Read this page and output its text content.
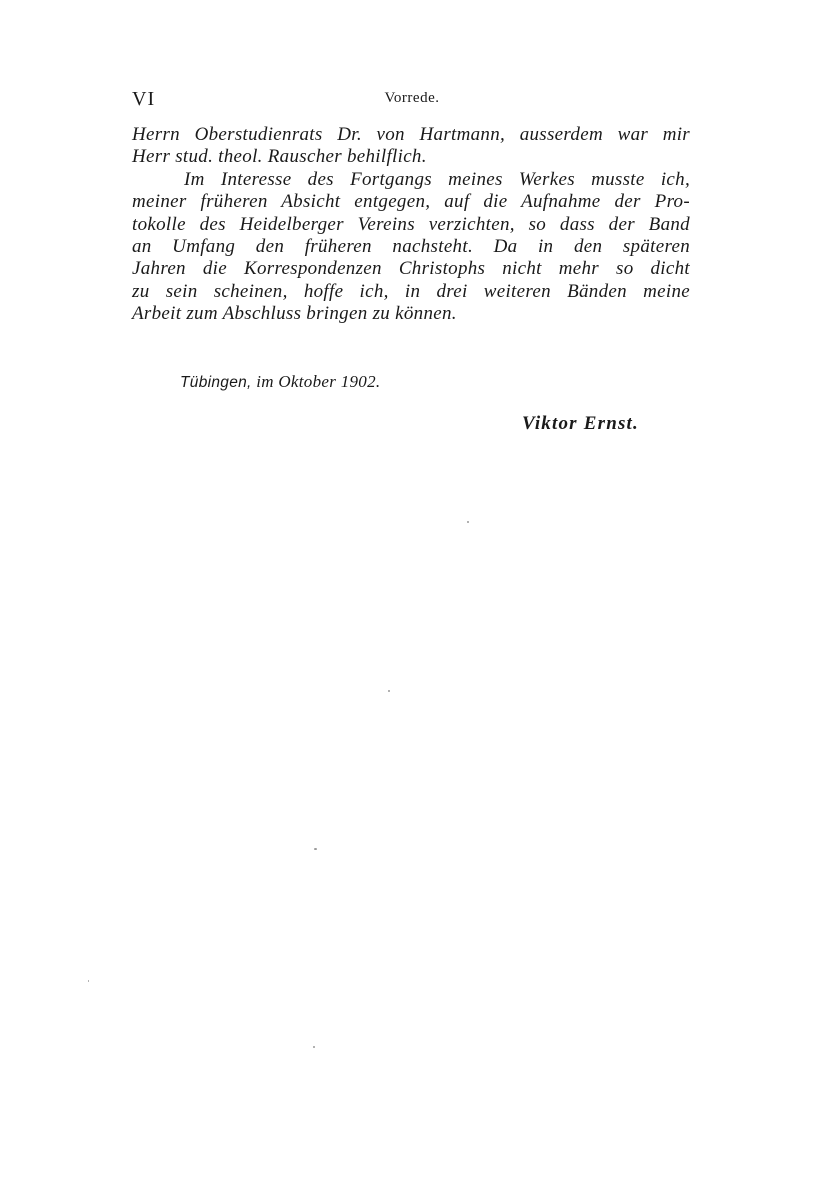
VI	Vorrede.
Herrn Oberstudienrats Dr. von Hartmann, ausserdem war mir
Herr stud. theol. Rauscher behilflich.
Im Interesse des Fortgangs meines Werkes musste ich,
meiner früheren Absicht entgegen, auf die Aufnahme der Pro-
tokolle des Heidelberger Vereins verzichten, so dass der Band
an Umfang den früheren nachsteht. Da in den späteren
Jahren die Korrespondenzen Christophs nicht mehr so dicht
zu sein scheinen, hoffe ich, in drei weiteren Bänden meine
Arbeit zum Abschluss bringen zu können.
Tübingen, im Oktober 1902.
Viktor Ernst.
